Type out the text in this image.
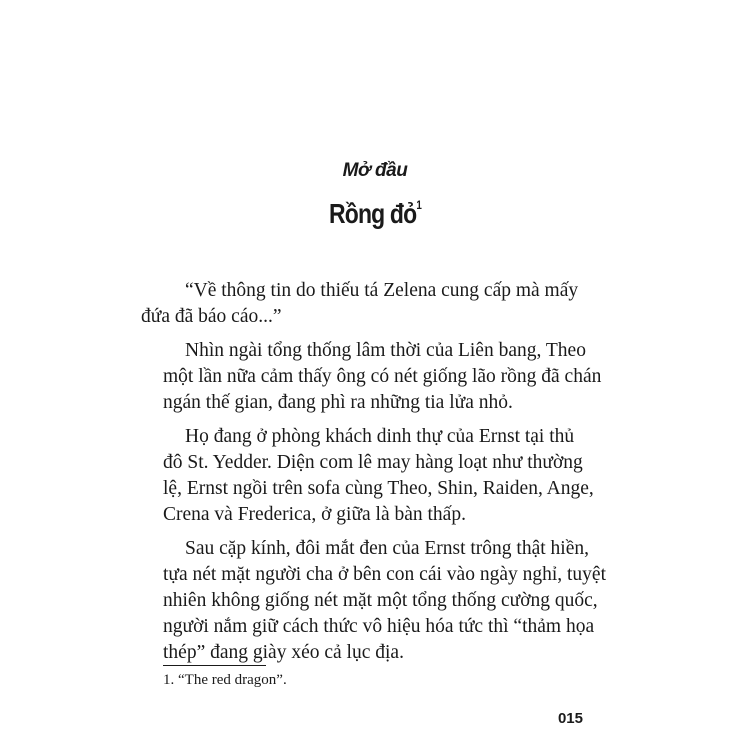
Mở đầu
Rồng đỏ$^1$

“Về thông tin do thiếu tá Zelena cung cấp mà mấy
đứa đã báo cáo...”

Nhìn ngài tổng thống lâm thời của Liên bang, Theo
một lần nữa cảm thấy ông có nét giống lão rồng đã chán
ngán thế gian, đang phì ra những tia lửa nhỏ.

Họ đang ở phòng khách dinh thự của Ernst tại thủ
đô St. Yedder. Diện com lê may hàng loạt như thường
lệ, Ernst ngồi trên sofa cùng Theo, Shin, Raiden, Ange,
Crena và Frederica, ở giữa là bàn thấp.

Sau cặp kính, đôi mắt đen của Ernst trông thật hiền,
tựa nét mặt người cha ở bên con cái vào ngày nghỉ, tuyệt
nhiên không giống nét mặt một tổng thống cường quốc,
người nắm giữ cách thức vô hiệu hóa tức thì “thảm họa
thép” đang giày xéo cả lục địa.

1. “The red dragon”.
015
